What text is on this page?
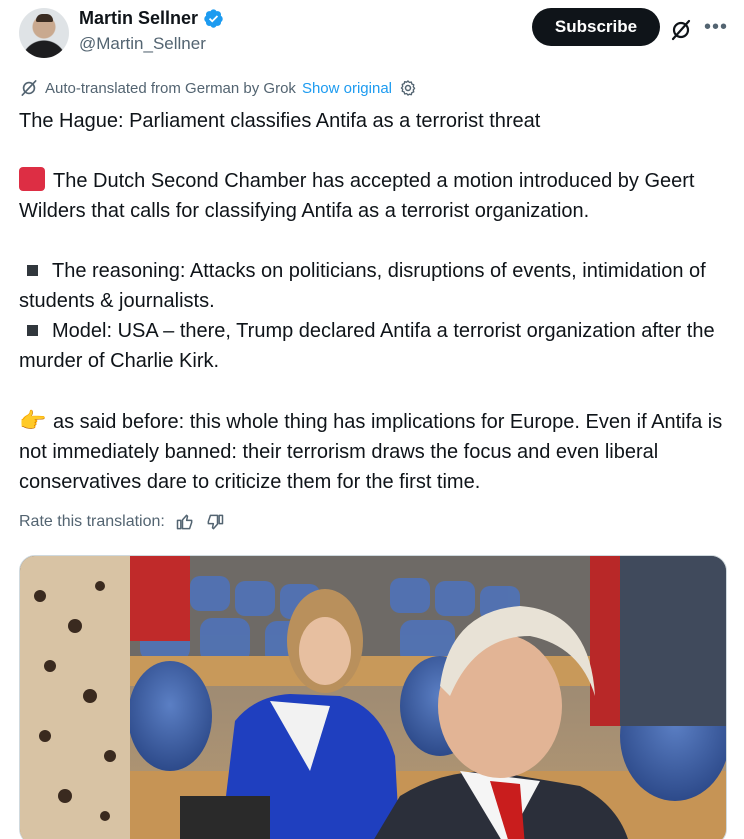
Martin Sellner
@Martin_Sellner
Subscribe	•••
Auto-translated from German by Grok Show original
The Hague: Parliament classifies Antifa as a terrorist threat
The Dutch Second Chamber has accepted a motion introduced by Geert Wilders that calls for classifying Antifa as a terrorist organization.
The reasoning: Attacks on politicians, disruptions of events, intimidation of students & journalists.
Model: USA – there, Trump declared Antifa a terrorist organization after the murder of Charlie Kirk.
👉 as said before: this whole thing has implications for Europe. Even if Antifa is not immediately banned: their terrorism draws the focus and even liberal conservatives dare to criticize them for the first time.
Rate this translation:
